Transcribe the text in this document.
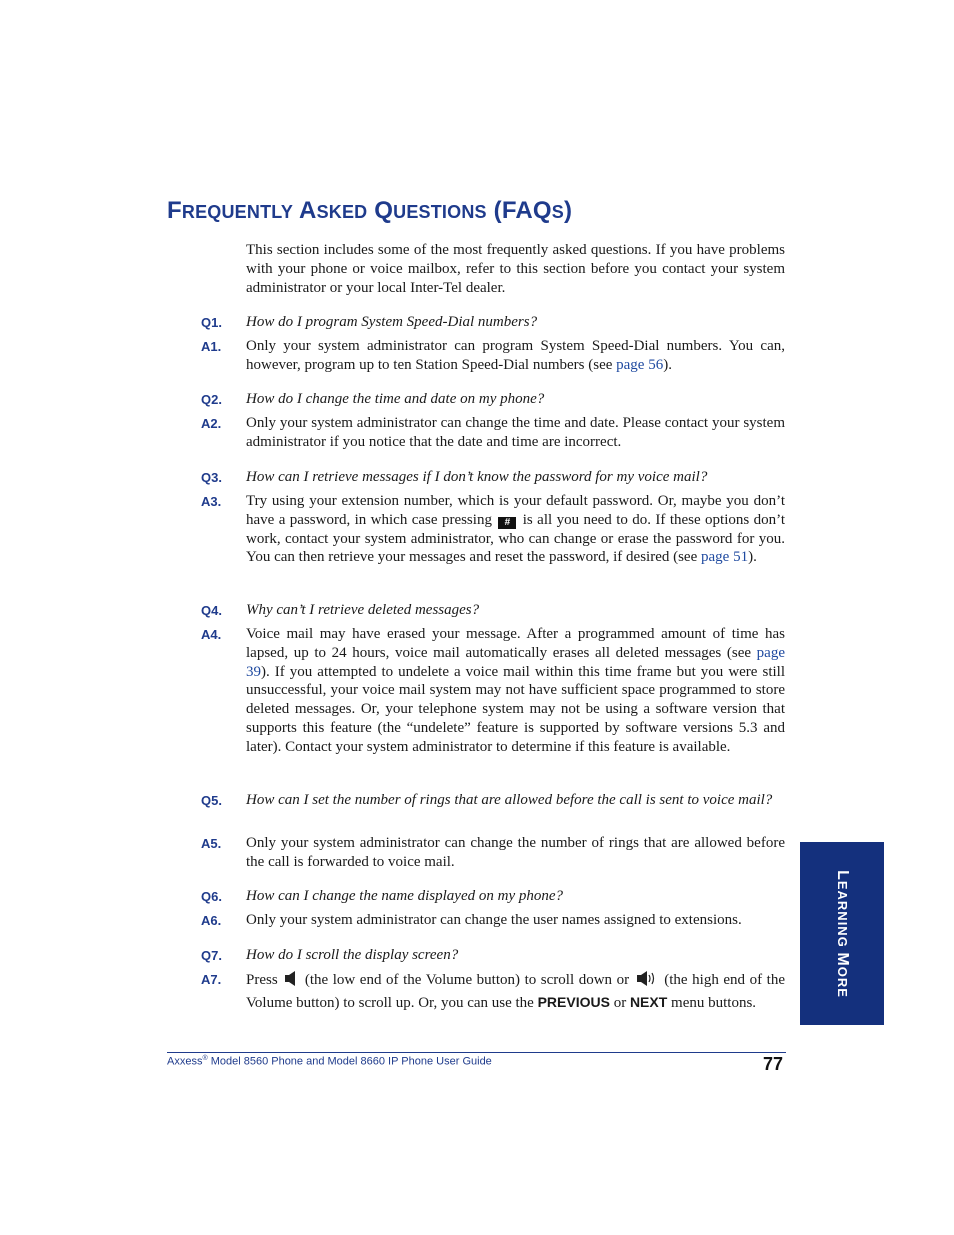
FREQUENTLY ASKED QUESTIONS (FAQS)

This section includes some of the most frequently asked questions. If you have problems with your phone or voice mailbox, refer to this section before you contact your system administrator or your local Inter-Tel dealer.

Q1. How do I program System Speed-Dial numbers?

A1. Only your system administrator can program System Speed-Dial numbers. You can, however, program up to ten Station Speed-Dial numbers (see page 56).

Q2. How do I change the time and date on my phone?

A2. Only your system administrator can change the time and date. Please contact your system administrator if you notice that the date and time are incorrect.

Q3. How can I retrieve messages if I don’t know the password for my voice mail?

A3. Try using your extension number, which is your default password. Or, maybe you don’t have a password, in which case pressing # is all you need to do. If these options don’t work, contact your system administrator, who can change or erase the password for you. You can then retrieve your messages and reset the password, if desired (see page 51).

Q4. Why can’t I retrieve deleted messages?

A4. Voice mail may have erased your message. After a programmed amount of time has lapsed, up to 24 hours, voice mail automatically erases all deleted messages (see page 39). If you attempted to undelete a voice mail within this time frame but you were still unsuccessful, your voice mail system may not have sufficient space programmed to store deleted messages. Or, your telephone system may not be using a software version that supports this feature (the “undelete” feature is supported by software versions 5.3 and later). Contact your system administrator to determine if this feature is available.

Q5. How can I set the number of rings that are allowed before the call is sent to voice mail?

A5. Only your system administrator can change the number of rings that are allowed before the call is forwarded to voice mail.

Q6. How can I change the name displayed on my phone?

A6. Only your system administrator can change the user names assigned to extensions.

Q7. How do I scroll the display screen?

A7. Press  (the low end of the Volume button) to scroll down or  (the high end of the Volume button) to scroll up. Or, you can use the PREVIOUS or NEXT menu buttons.

LEARNING MORE
Axxess® Model 8560 Phone and Model 8660 IP Phone User Guide	77
